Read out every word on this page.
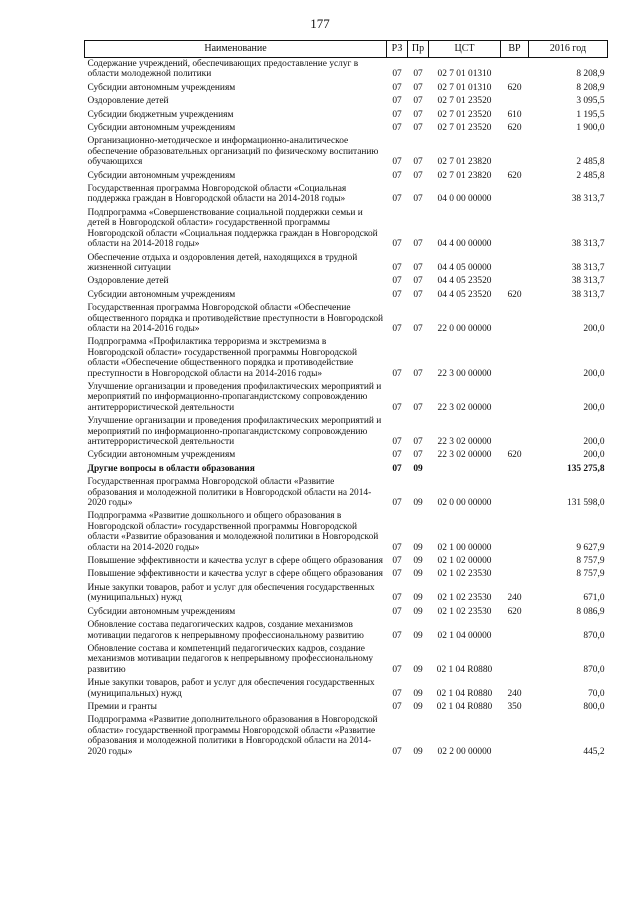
177
Наименование	РЗ	Пр	ЦСТ	ВР	2016 год
Содержание учреждений, обеспечивающих предоставление услуг в области молодежной политики	07	07	02 7 01 01310		8 208,9
Субсидии автономным учреждениям	07	07	02 7 01 01310	620	8 208,9
Оздоровление детей	07	07	02 7 01 23520		3 095,5
Субсидии бюджетным учреждениям	07	07	02 7 01 23520	610	1 195,5
Субсидии автономным учреждениям	07	07	02 7 01 23520	620	1 900,0
Организационно-методическое и информационно-аналитическое обеспечение образовательных организаций по физическому воспитанию обучающихся	07	07	02 7 01 23820		2 485,8
Субсидии автономным учреждениям	07	07	02 7 01 23820	620	2 485,8
Государственная программа Новгородской области «Социальная поддержка граждан в Новгородской области на 2014-2018 годы»	07	07	04 0 00 00000		38 313,7
Подпрограмма «Совершенствование социальной поддержки семьи и детей в Новгородской области» государственной программы Новгородской области «Социальная поддержка граждан в Новгородской области на 2014-2018 годы»	07	07	04 4 00 00000		38 313,7
Обеспечение отдыха и оздоровления детей, находящихся в трудной жизненной ситуации	07	07	04 4 05 00000		38 313,7
Оздоровление детей	07	07	04 4 05 23520		38 313,7
Субсидии автономным учреждениям	07	07	04 4 05 23520	620	38 313,7
Государственная программа Новгородской области «Обеспечение общественного порядка и противодействие преступности в Новгородской области на 2014-2016 годы»	07	07	22 0 00 00000		200,0
Подпрограмма «Профилактика терроризма и экстремизма в Новгородской области» государственной программы Новгородской области «Обеспечение общественного порядка и противодействие преступности в Новгородской области на 2014-2016 годы»	07	07	22 3 00 00000		200,0
Улучшение организации и проведения профилактических мероприятий и мероприятий по информационно-пропагандистскому сопровождению антитеррористической деятельности	07	07	22 3 02 00000		200,0
Улучшение организации и проведения профилактических мероприятий и мероприятий по информационно-пропагандистскому сопровождению антитеррористической деятельности	07	07	22 3 02 00000		200,0
Субсидии автономным учреждениям	07	07	22 3 02 00000	620	200,0
Другие вопросы в области образования	07	09			135 275,8
Государственная программа Новгородской области «Развитие образования и молодежной политики в Новгородской области на 2014-2020 годы»	07	09	02 0 00 00000		131 598,0
Подпрограмма «Развитие дошкольного и общего образования в Новгородской области» государственной программы Новгородской области «Развитие образования и молодежной политики в Новгородской области на 2014-2020 годы»	07	09	02 1 00 00000		9 627,9
Повышение эффективности и качества услуг в сфере общего образования	07	09	02 1 02 00000		8 757,9
Повышение эффективности и качества услуг в сфере общего образования	07	09	02 1 02 23530		8 757,9
Иные закупки товаров, работ и услуг для обеспечения государственных (муниципальных) нужд	07	09	02 1 02 23530	240	671,0
Субсидии автономным учреждениям	07	09	02 1 02 23530	620	8 086,9
Обновление состава педагогических кадров, создание механизмов мотивации педагогов к непрерывному профессиональному развитию	07	09	02 1 04 00000		870,0
Обновление состава и компетенций педагогических кадров, создание механизмов мотивации педагогов к непрерывному профессиональному развитию	07	09	02 1 04 R0880		870,0
Иные закупки товаров, работ и услуг для обеспечения государственных (муниципальных) нужд	07	09	02 1 04 R0880	240	70,0
Премии и гранты	07	09	02 1 04 R0880	350	800,0
Подпрограмма «Развитие дополнительного образования в Новгородской области» государственной программы Новгородской области «Развитие образования и молодежной политики в Новгородской области на 2014-2020 годы»	07	09	02 2 00 00000		445,2
